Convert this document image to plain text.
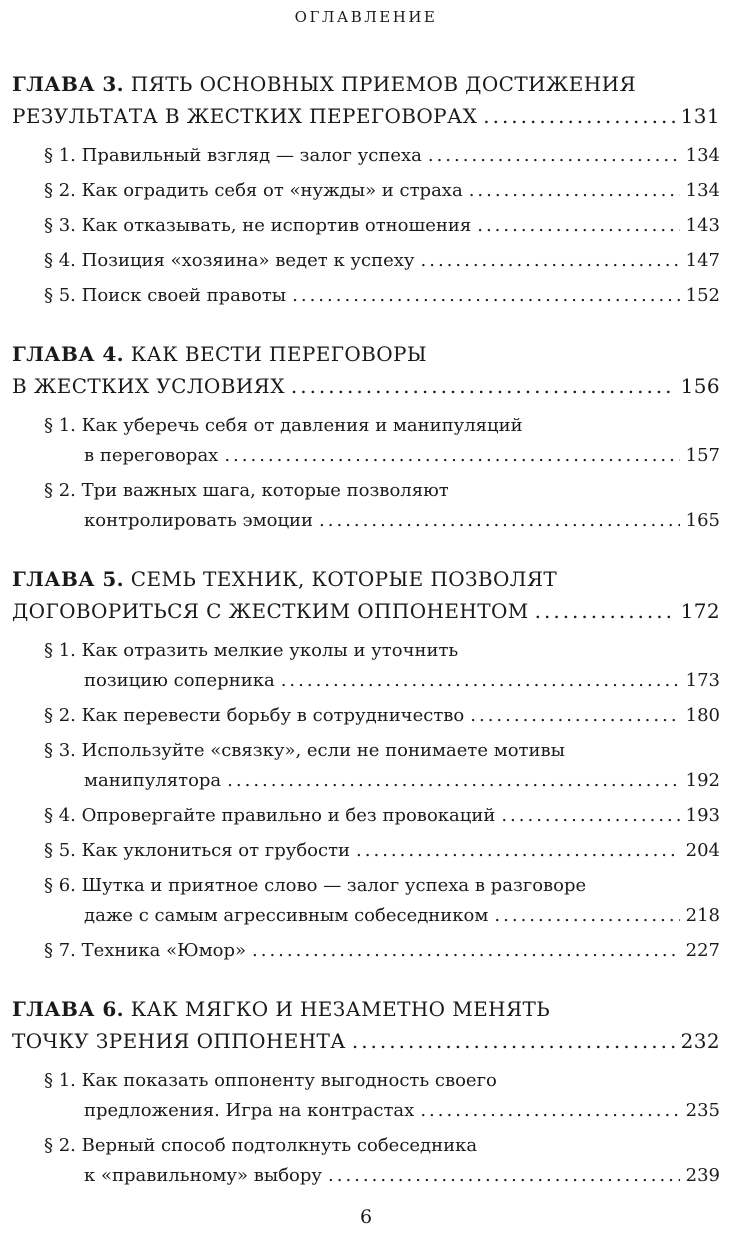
ОГЛАВЛЕНИЕ
ГЛАВА 3.
ПЯТЬ ОСНОВНЫХ ПРИЕМОВ ДОСТИЖЕНИЯ
РЕЗУЛЬТАТА В ЖЕСТКИХ ПЕРЕГОВОРАХ .....	131
§ 1. Правильный взгляд — залог успеха .....	134
§ 2. Как оградить себя от «нужды» и страха .....	134
§ 3. Как отказывать, не испортив отношения .....	143
§ 4. Позиция «хозяина» ведет к успеху .....	147
§ 5. Поиск своей правоты .....	152
ГЛАВА 4.
КАК ВЕСТИ ПЕРЕГОВОРЫ
В ЖЕСТКИХ УСЛОВИЯХ .....	156
§ 1. Как уберечь себя от давления и манипуляций
в переговорах .....	157
§ 2. Три важных шага, которые позволяют
контролировать эмоции .....	165
ГЛАВА 5.
СЕМЬ ТЕХНИК, КОТОРЫЕ ПОЗВОЛЯТ
ДОГОВОРИТЬСЯ С ЖЕСТКИМ ОППОНЕНТОМ .....	172
§ 1. Как отразить мелкие уколы и уточнить
позицию соперника .....	173
§ 2. Как перевести борьбу в сотрудничество .....	180
§ 3. Используйте «связку», если не понимаете мотивы
манипулятора .....	192
§ 4. Опровергайте правильно и без провокаций .....	193
§ 5. Как уклониться от грубости .....	204
§ 6. Шутка и приятное слово — залог успеха в разговоре
даже с самым агрессивным собеседником .....	218
§ 7. Техника «Юмор» .....	227
ГЛАВА 6.
КАК МЯГКО И НЕЗАМЕТНО МЕНЯТЬ
ТОЧКУ ЗРЕНИЯ ОППОНЕНТА .....	232
§ 1. Как показать оппоненту выгодность своего
предложения. Игра на контрастах .....	235
§ 2. Верный способ подтолкнуть собеседника
к «правильному» выбору .....	239
6
